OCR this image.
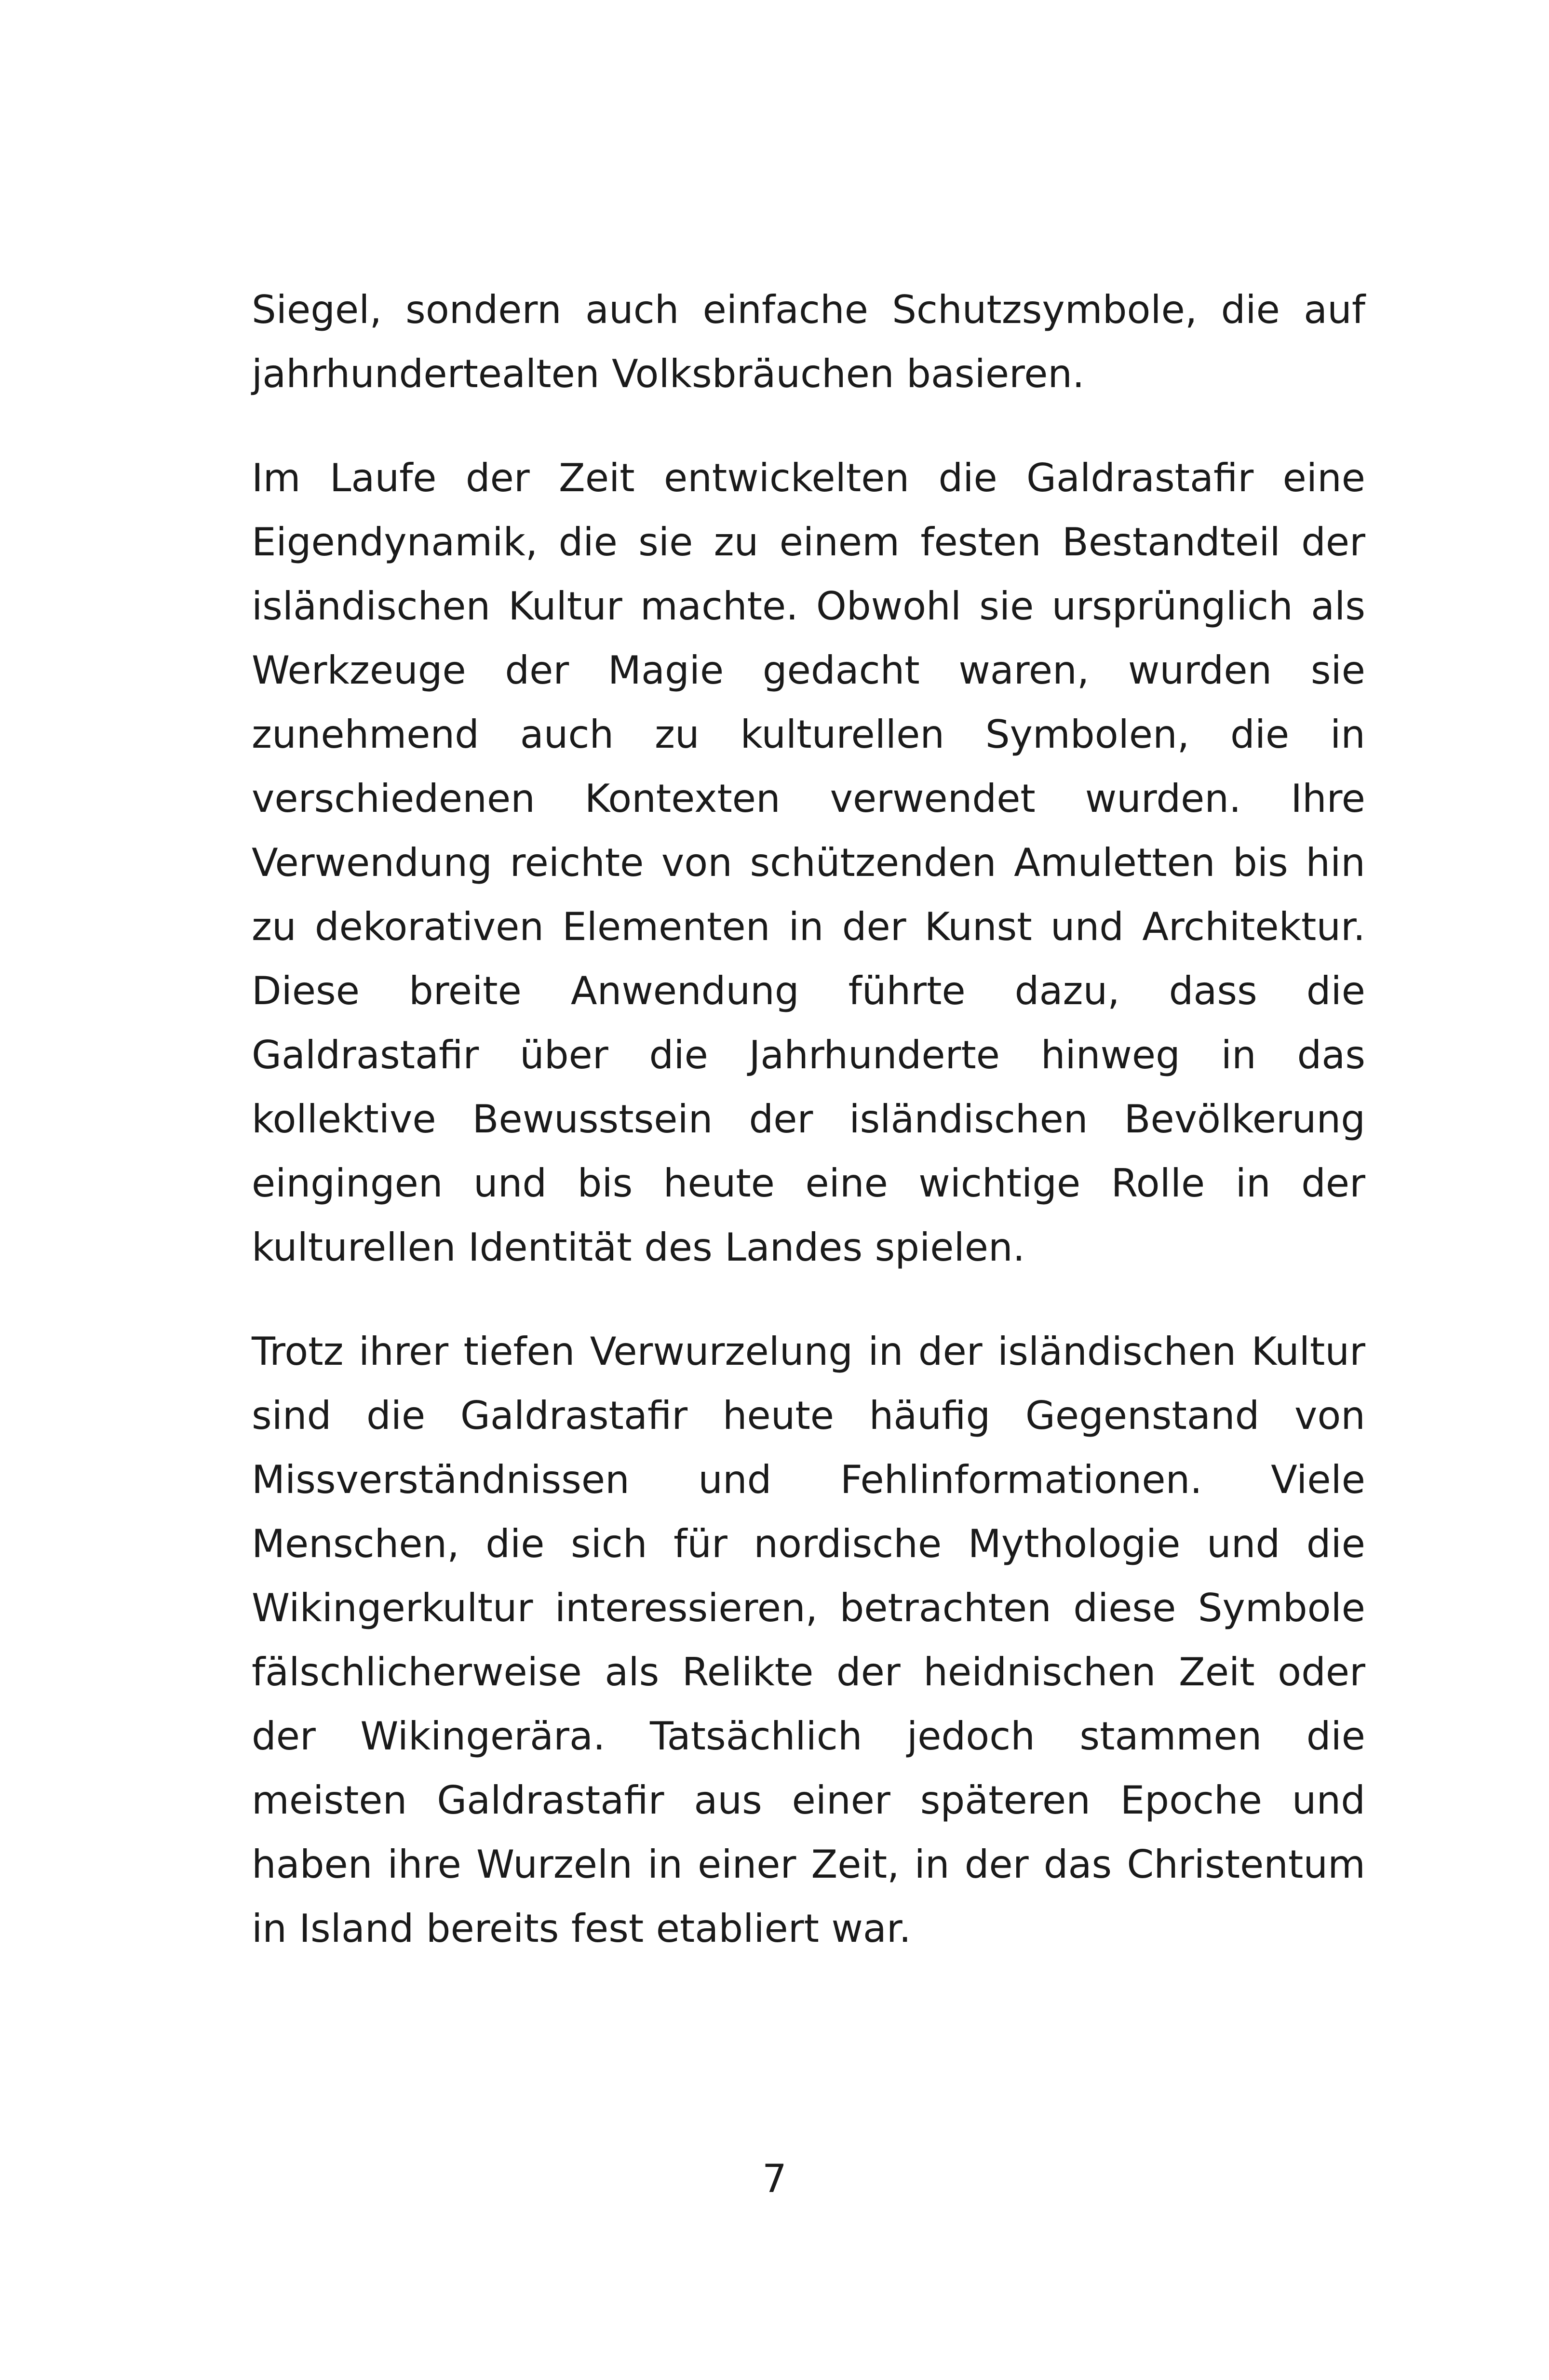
Siegel, sondern auch einfache Schutzsymbole, die auf jahrhundertealten Volksbräuchen basieren.

Im Laufe der Zeit entwickelten die Galdrastafir eine Eigendynamik, die sie zu einem festen Bestandteil der isländischen Kultur machte. Obwohl sie ursprünglich als Werkzeuge der Magie gedacht waren, wurden sie zunehmend auch zu kulturellen Symbolen, die in verschiedenen Kontexten verwendet wurden. Ihre Verwendung reichte von schützenden Amuletten bis hin zu dekorativen Elementen in der Kunst und Architektur. Diese breite Anwendung führte dazu, dass die Galdrastafir über die Jahrhunderte hinweg in das kollektive Bewusstsein der isländischen Bevölkerung eingingen und bis heute eine wichtige Rolle in der kulturellen Identität des Landes spielen.

Trotz ihrer tiefen Verwurzelung in der isländischen Kultur sind die Galdrastafir heute häufig Gegenstand von Missverständnissen und Fehlinformationen. Viele Menschen, die sich für nordische Mythologie und die Wikingerkultur interessieren, betrachten diese Symbole fälschlicherweise als Relikte der heidnischen Zeit oder der Wikingerära. Tatsächlich jedoch stammen die meisten Galdrastafir aus einer späteren Epoche und haben ihre Wurzeln in einer Zeit, in der das Christentum in Island bereits fest etabliert war.

7
